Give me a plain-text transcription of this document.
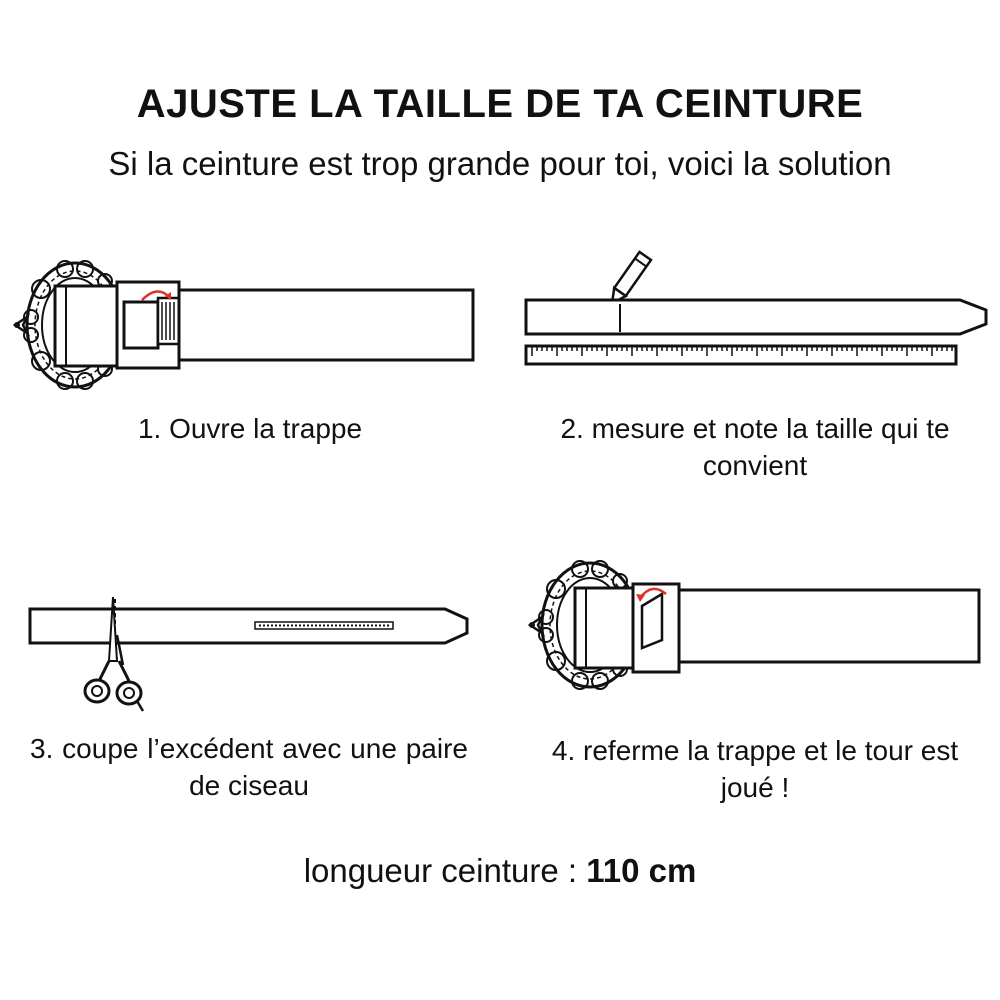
AJUSTE LA TAILLE DE TA CEINTURE

Si la ceinture est trop grande pour toi, voici la solution

1. Ouvre la trappe	2. mesure et note la taille qui te convient
3. coupe l’excédent avec une paire de ciseau
4. referme la trappe et le tour est joué !
longueur ceinture : 110 cm
